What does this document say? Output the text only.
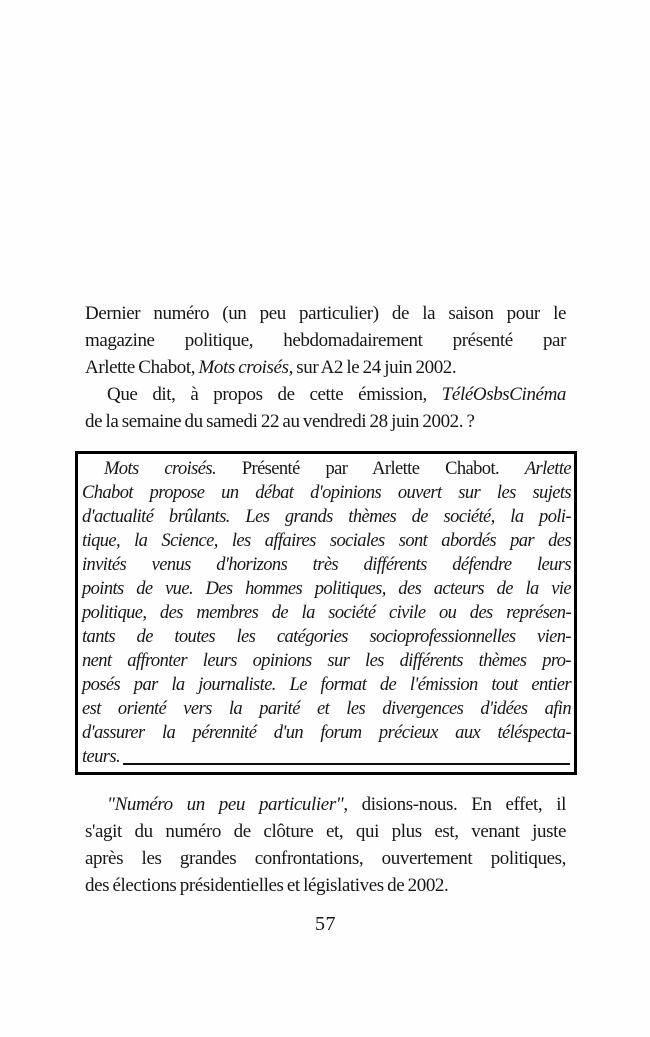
Dernier numéro (un peu particulier) de la saison pour le
magazine politique, hebdomadairement présenté par
Arlette Chabot, Mots croisés, sur A2 le 24 juin 2002.
Que dit, à propos de cette émission, TéléOsbsCinéma
de la semaine du samedi 22 au vendredi 28 juin 2002. ?
Mots croisés. Présenté par Arlette Chabot. Arlette
Chabot propose un débat d'opinions ouvert sur les sujets
d'actualité brûlants. Les grands thèmes de société, la poli-
tique, la Science, les affaires sociales sont abordés par des
invités venus d'horizons très différents défendre leurs
points de vue. Des hommes politiques, des acteurs de la vie
politique, des membres de la société civile ou des représen-
tants de toutes les catégories socioprofessionnelles vien-
nent affronter leurs opinions sur les différents thèmes pro-
posés par la journaliste. Le format de l'émission tout entier
est orienté vers la parité et les divergences d'idées afin
d'assurer la pérennité d'un forum précieux aux téléspecta-
teurs.
"Numéro un peu particulier", disions-nous. En effet, il
s'agit du numéro de clôture et, qui plus est, venant juste
après les grandes confrontations, ouvertement politiques,
des élections présidentielles et législatives de 2002.
57
